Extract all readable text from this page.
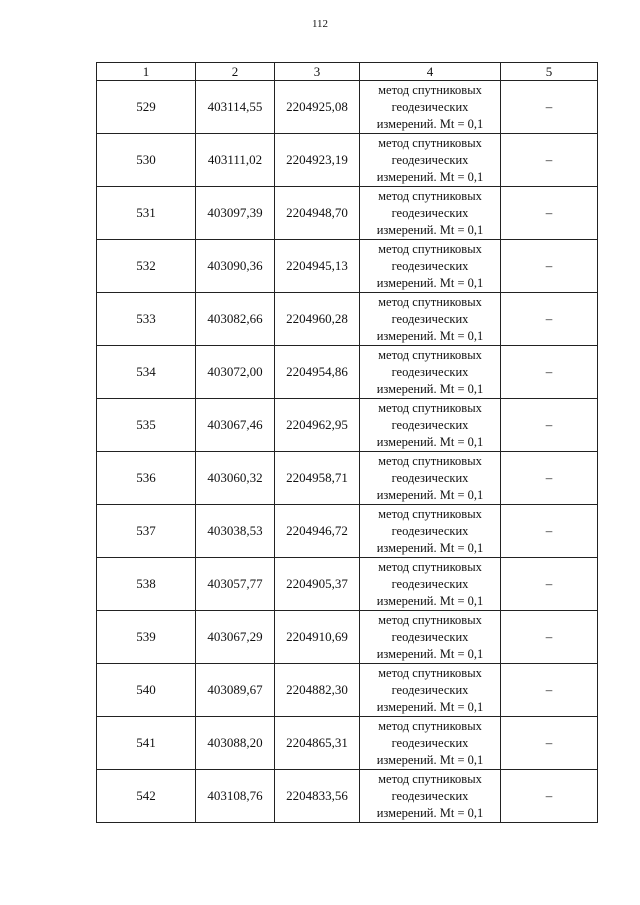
112
1	2	3	4	5
529	403114,55	2204925,08	метод спутниковых
геодезических
измерений. Mt = 0,1	–
530	403111,02	2204923,19	метод спутниковых
геодезических
измерений. Mt = 0,1	–
531	403097,39	2204948,70	метод спутниковых
геодезических
измерений. Mt = 0,1	–
532	403090,36	2204945,13	метод спутниковых
геодезических
измерений. Mt = 0,1	–
533	403082,66	2204960,28	метод спутниковых
геодезических
измерений. Mt = 0,1	–
534	403072,00	2204954,86	метод спутниковых
геодезических
измерений. Mt = 0,1	–
535	403067,46	2204962,95	метод спутниковых
геодезических
измерений. Mt = 0,1	–
536	403060,32	2204958,71	метод спутниковых
геодезических
измерений. Mt = 0,1	–
537	403038,53	2204946,72	метод спутниковых
геодезических
измерений. Mt = 0,1	–
538	403057,77	2204905,37	метод спутниковых
геодезических
измерений. Mt = 0,1	–
539	403067,29	2204910,69	метод спутниковых
геодезических
измерений. Mt = 0,1	–
540	403089,67	2204882,30	метод спутниковых
геодезических
измерений. Mt = 0,1	–
541	403088,20	2204865,31	метод спутниковых
геодезических
измерений. Mt = 0,1	–
542	403108,76	2204833,56	метод спутниковых
геодезических
измерений. Mt = 0,1	–
